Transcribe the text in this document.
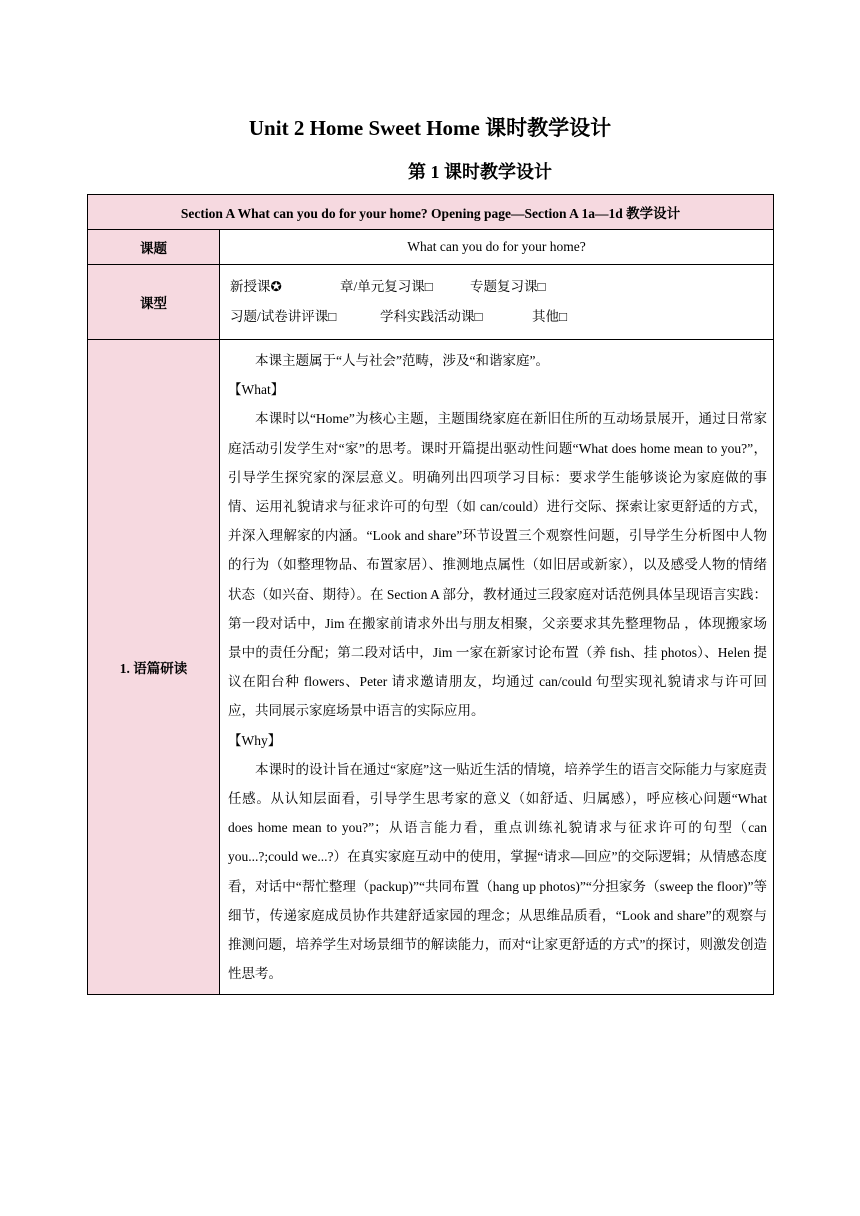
Unit 2 Home Sweet Home 课时教学设计
第 1 课时教学设计
Section A What can you do for your home? Opening page—Section A 1a—1d 教学设计	
课题	What can you do for your home?
课型	新授课✪ 章/单元复习课□ 专题复习课□
习题/试卷讲评课□ 学科实践活动课□ 其他□

1. 语篇研读	本课主题属于“人与社会”范畴，涉及“和谐家庭”。

【What】

本课时以“Home”为核心主题，主题围绕家庭在新旧住所的互动场景展开，通过日常家庭活动引发学生对“家”的思考。课时开篇提出驱动性问题“What does home mean to you?”，引导学生探究家的深层意义。明确列出四项学习目标：要求学生能够谈论为家庭做的事情、运用礼貌请求与征求许可的句型（如 can/could）进行交际、探索让家更舒适的方式，并深入理解家的内涵。“Look and share”环节设置三个观察性问题，引导学生分析图中人物的行为（如整理物品、布置家居）、推测地点属性（如旧居或新家），以及感受人物的情绪状态（如兴奋、期待）。在 Section A 部分，教材通过三段家庭对话范例具体呈现语言实践：第一段对话中，Jim 在搬家前请求外出与朋友相聚，父亲要求其先整理物品 ，体现搬家场景中的责任分配；第二段对话中，Jim 一家在新家讨论布置（养 fish、挂 photos）、Helen 提议在阳台种 flowers、Peter 请求邀请朋友，均通过 can/could 句型实现礼貌请求与许可回应，共同展示家庭场景中语言的实际应用。

【Why】

本课时的设计旨在通过“家庭”这一贴近生活的情境，培养学生的语言交际能力与家庭责任感。从认知层面看，引导学生思考家的意义（如舒适、归属感），呼应核心问题“What does home mean to you?”；从语言能力看，重点训练礼貌请求与征求许可的句型（can you...?;could we...?）在真实家庭互动中的使用，掌握“请求—回应”的交际逻辑；从情感态度看，对话中“帮忙整理（packup)”“共同布置（hang up photos)”“分担家务（sweep the floor)”等细节，传递家庭成员协作共建舒适家园的理念；从思维品质看，“Look and share”的观察与推测问题，培养学生对场景细节的解读能力，而对“让家更舒适的方式”的探讨，则激发创造性思考。
